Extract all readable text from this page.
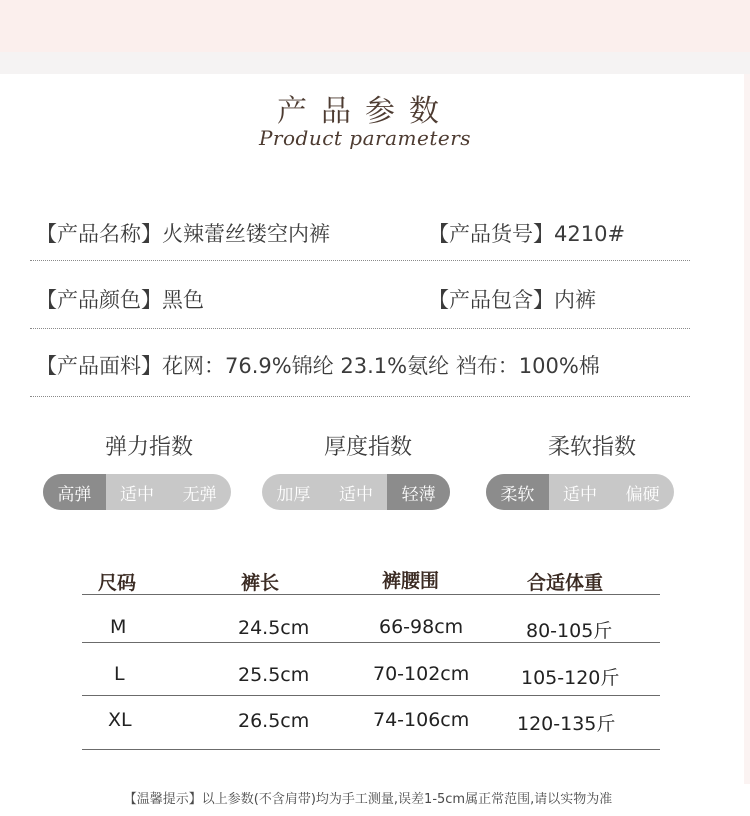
产品参数
Product parameters
【产品名称】火辣蕾丝镂空内裤	【产品货号】4210#
【产品颜色】黑色	【产品包含】内裤
【产品面料】花网：76.9%锦纶 23.1%氨纶 裆布：100%棉
弹力指数
高弹	适中	无弹
厚度指数
加厚	适中	轻薄
柔软指数
柔软	适中	偏硬
尺码	裤长	裤腰围	合适体重
M	24.5cm	66-98cm	80-105斤
L	25.5cm	70-102cm	105-120斤
XL	26.5cm	74-106cm	120-135斤
【温馨提示】以上参数(不含肩带)均为手工测量,误差1-5cm属正常范围,请以实物为准
